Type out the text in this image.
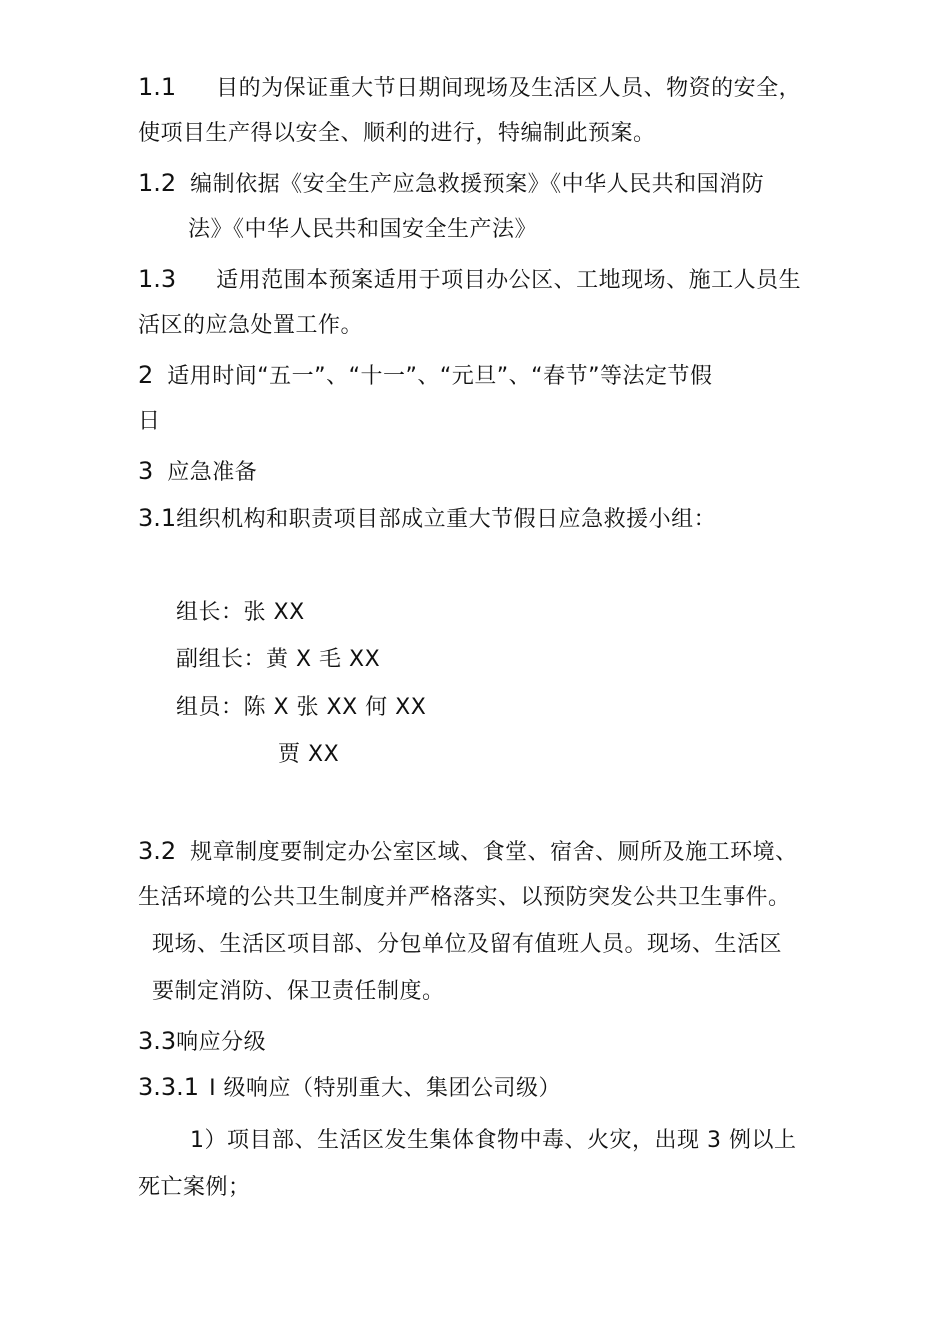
1.1 目的为保证重大节日期间现场及生活区人员、物资的安全，
使项目生产得以安全、顺利的进行，特编制此预案。
1.2 编制依据《安全生产应急救援预案》《中华人民共和国消防
法》《中华人民共和国安全生产法》
1.3 适用范围本预案适用于项目办公区、工地现场、施工人员生
活区的应急处置工作。
2 适用时间“五一”、“十一”、“元旦”、“春节”等法定节假
日
3 应急准备
3.1组织机构和职责项目部成立重大节假日应急救援小组：
组长：张 XX
副组长：黄 X 毛 XX
组员：陈 X 张 XX 何 XX
贾 XX
3.2 规章制度要制定办公室区域、食堂、宿舍、厕所及施工环境、
生活环境的公共卫生制度并严格落实、以预防突发公共卫生事件。
现场、生活区项目部、分包单位及留有值班人员。现场、生活区
要制定消防、保卫责任制度。
3.3响应分级
3.3.1 I 级响应（特别重大、集团公司级）
1）项目部、生活区发生集体食物中毒、火灾，出现 3 例以上
死亡案例；
